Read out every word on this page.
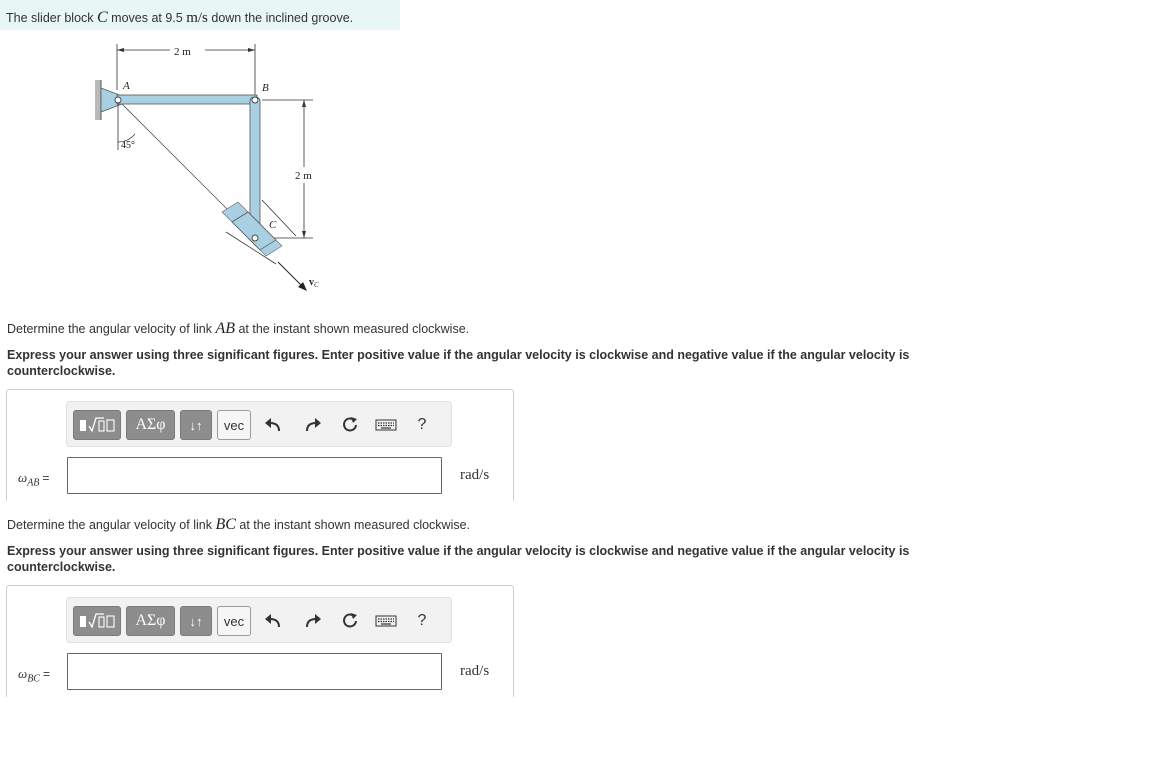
The slider block C moves at 9.5 m/s down the inclined groove.
2 m
2 m
45°
$v_C$
A	B
C
Determine the angular velocity of link AB at the instant shown measured clockwise.
Express your answer using three significant figures. Enter positive value if the angular velocity is clockwise and negative value if the angular velocity is counterclockwise.
ΑΣφ	↓↑	vec	?
$\omega_{AB}$ =	rad/s
Determine the angular velocity of link BC at the instant shown measured clockwise.
Express your answer using three significant figures. Enter positive value if the angular velocity is clockwise and negative value if the angular velocity is counterclockwise.
ΑΣφ	↓↑	vec	?
$\omega_{BC}$ =	rad/s
